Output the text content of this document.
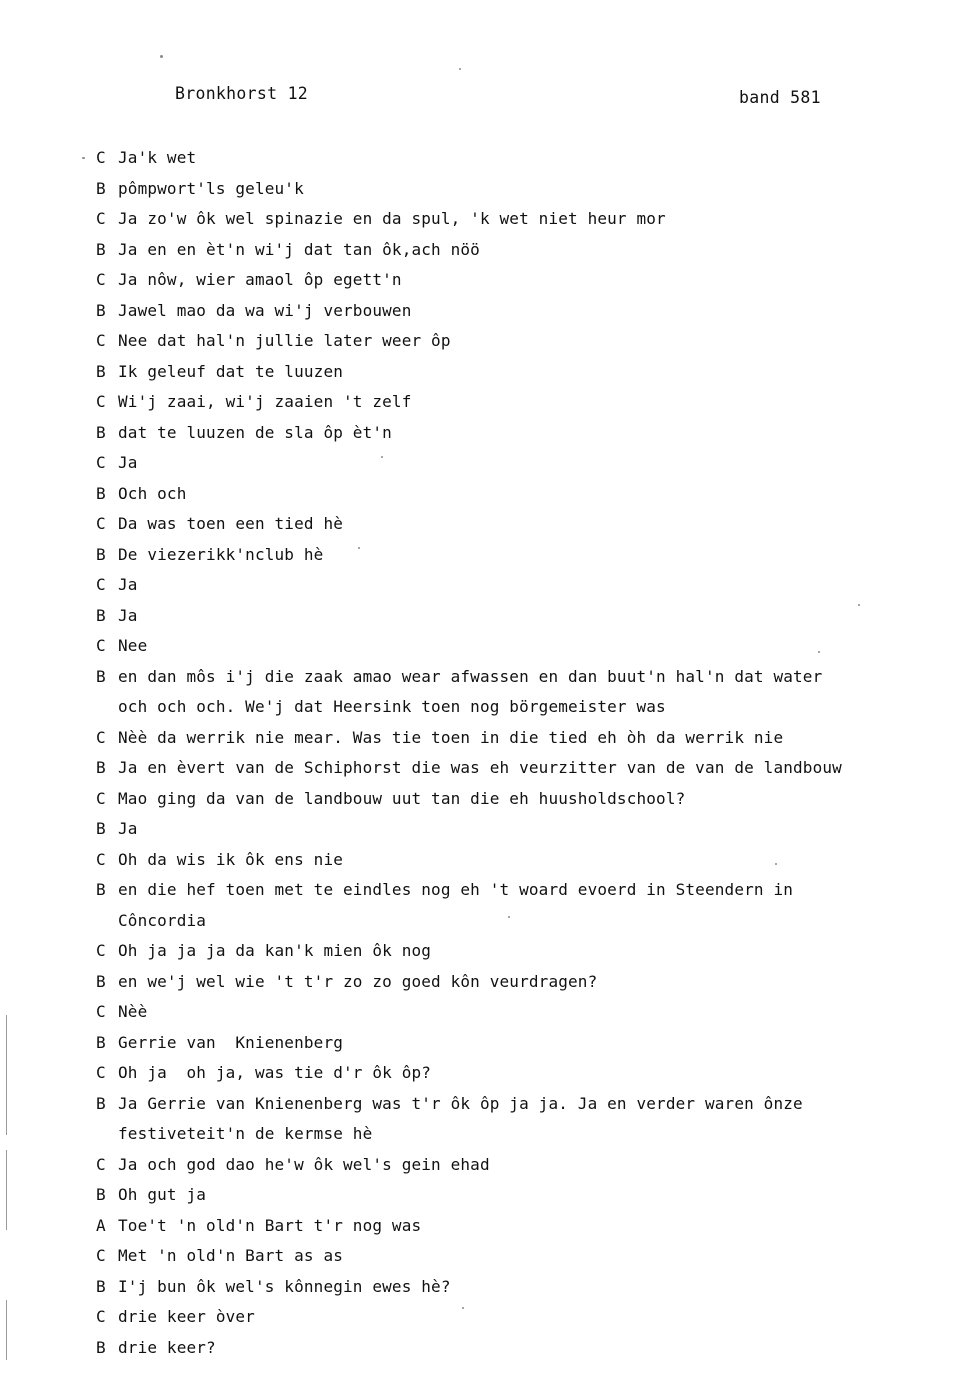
Bronkhorst 12	band 581
C Ja'k wet
B pômpwort'ls geleu'k
C Ja zo'w ôk wel spinazie en da spul, 'k wet niet heur mor
B Ja en en èt'n wi'j dat tan ôk,ach nöö
C Ja nôw, wier amaol ôp egett'n
B Jawel mao da wa wi'j verbouwen
C Nee dat hal'n jullie later weer ôp
B Ik geleuf dat te luuzen
C Wi'j zaai, wi'j zaaien 't zelf
B dat te luuzen de sla ôp èt'n
C Ja
B Och och
C Da was toen een tied hè
B De viezerikk'nclub hè
C Ja
B Ja
C Nee
B en dan môs i'j die zaak amao wear afwassen en dan buut'n hal'n dat water
och och och. We'j dat Heersink toen nog börgemeister was
C Nèè da werrik nie mear. Was tie toen in die tied eh òh da werrik nie
B Ja en èvert van de Schiphorst die was eh veurzitter van de van de landbouw
C Mao ging da van de landbouw uut tan die eh huusholdschool?
B Ja
C Oh da wis ik ôk ens nie
B en die hef toen met te eindles nog eh 't woard evoerd in Steendern in
Côncordia
C Oh ja ja ja da kan'k mien ôk nog
B en we'j wel wie 't t'r zo zo goed kôn veurdragen?
C Nèè
B Gerrie van  Knienenberg
C Oh ja  oh ja, was tie d'r ôk ôp?
B Ja Gerrie van Knienenberg was t'r ôk ôp ja ja. Ja en verder waren ônze
festiveteit'n de kermse hè
C Ja och god dao he'w ôk wel's gein ehad
B Oh gut ja
A Toe't 'n old'n Bart t'r nog was
C Met 'n old'n Bart as as
B I'j bun ôk wel's kônnegin ewes hè?
C drie keer òver
B drie keer?
